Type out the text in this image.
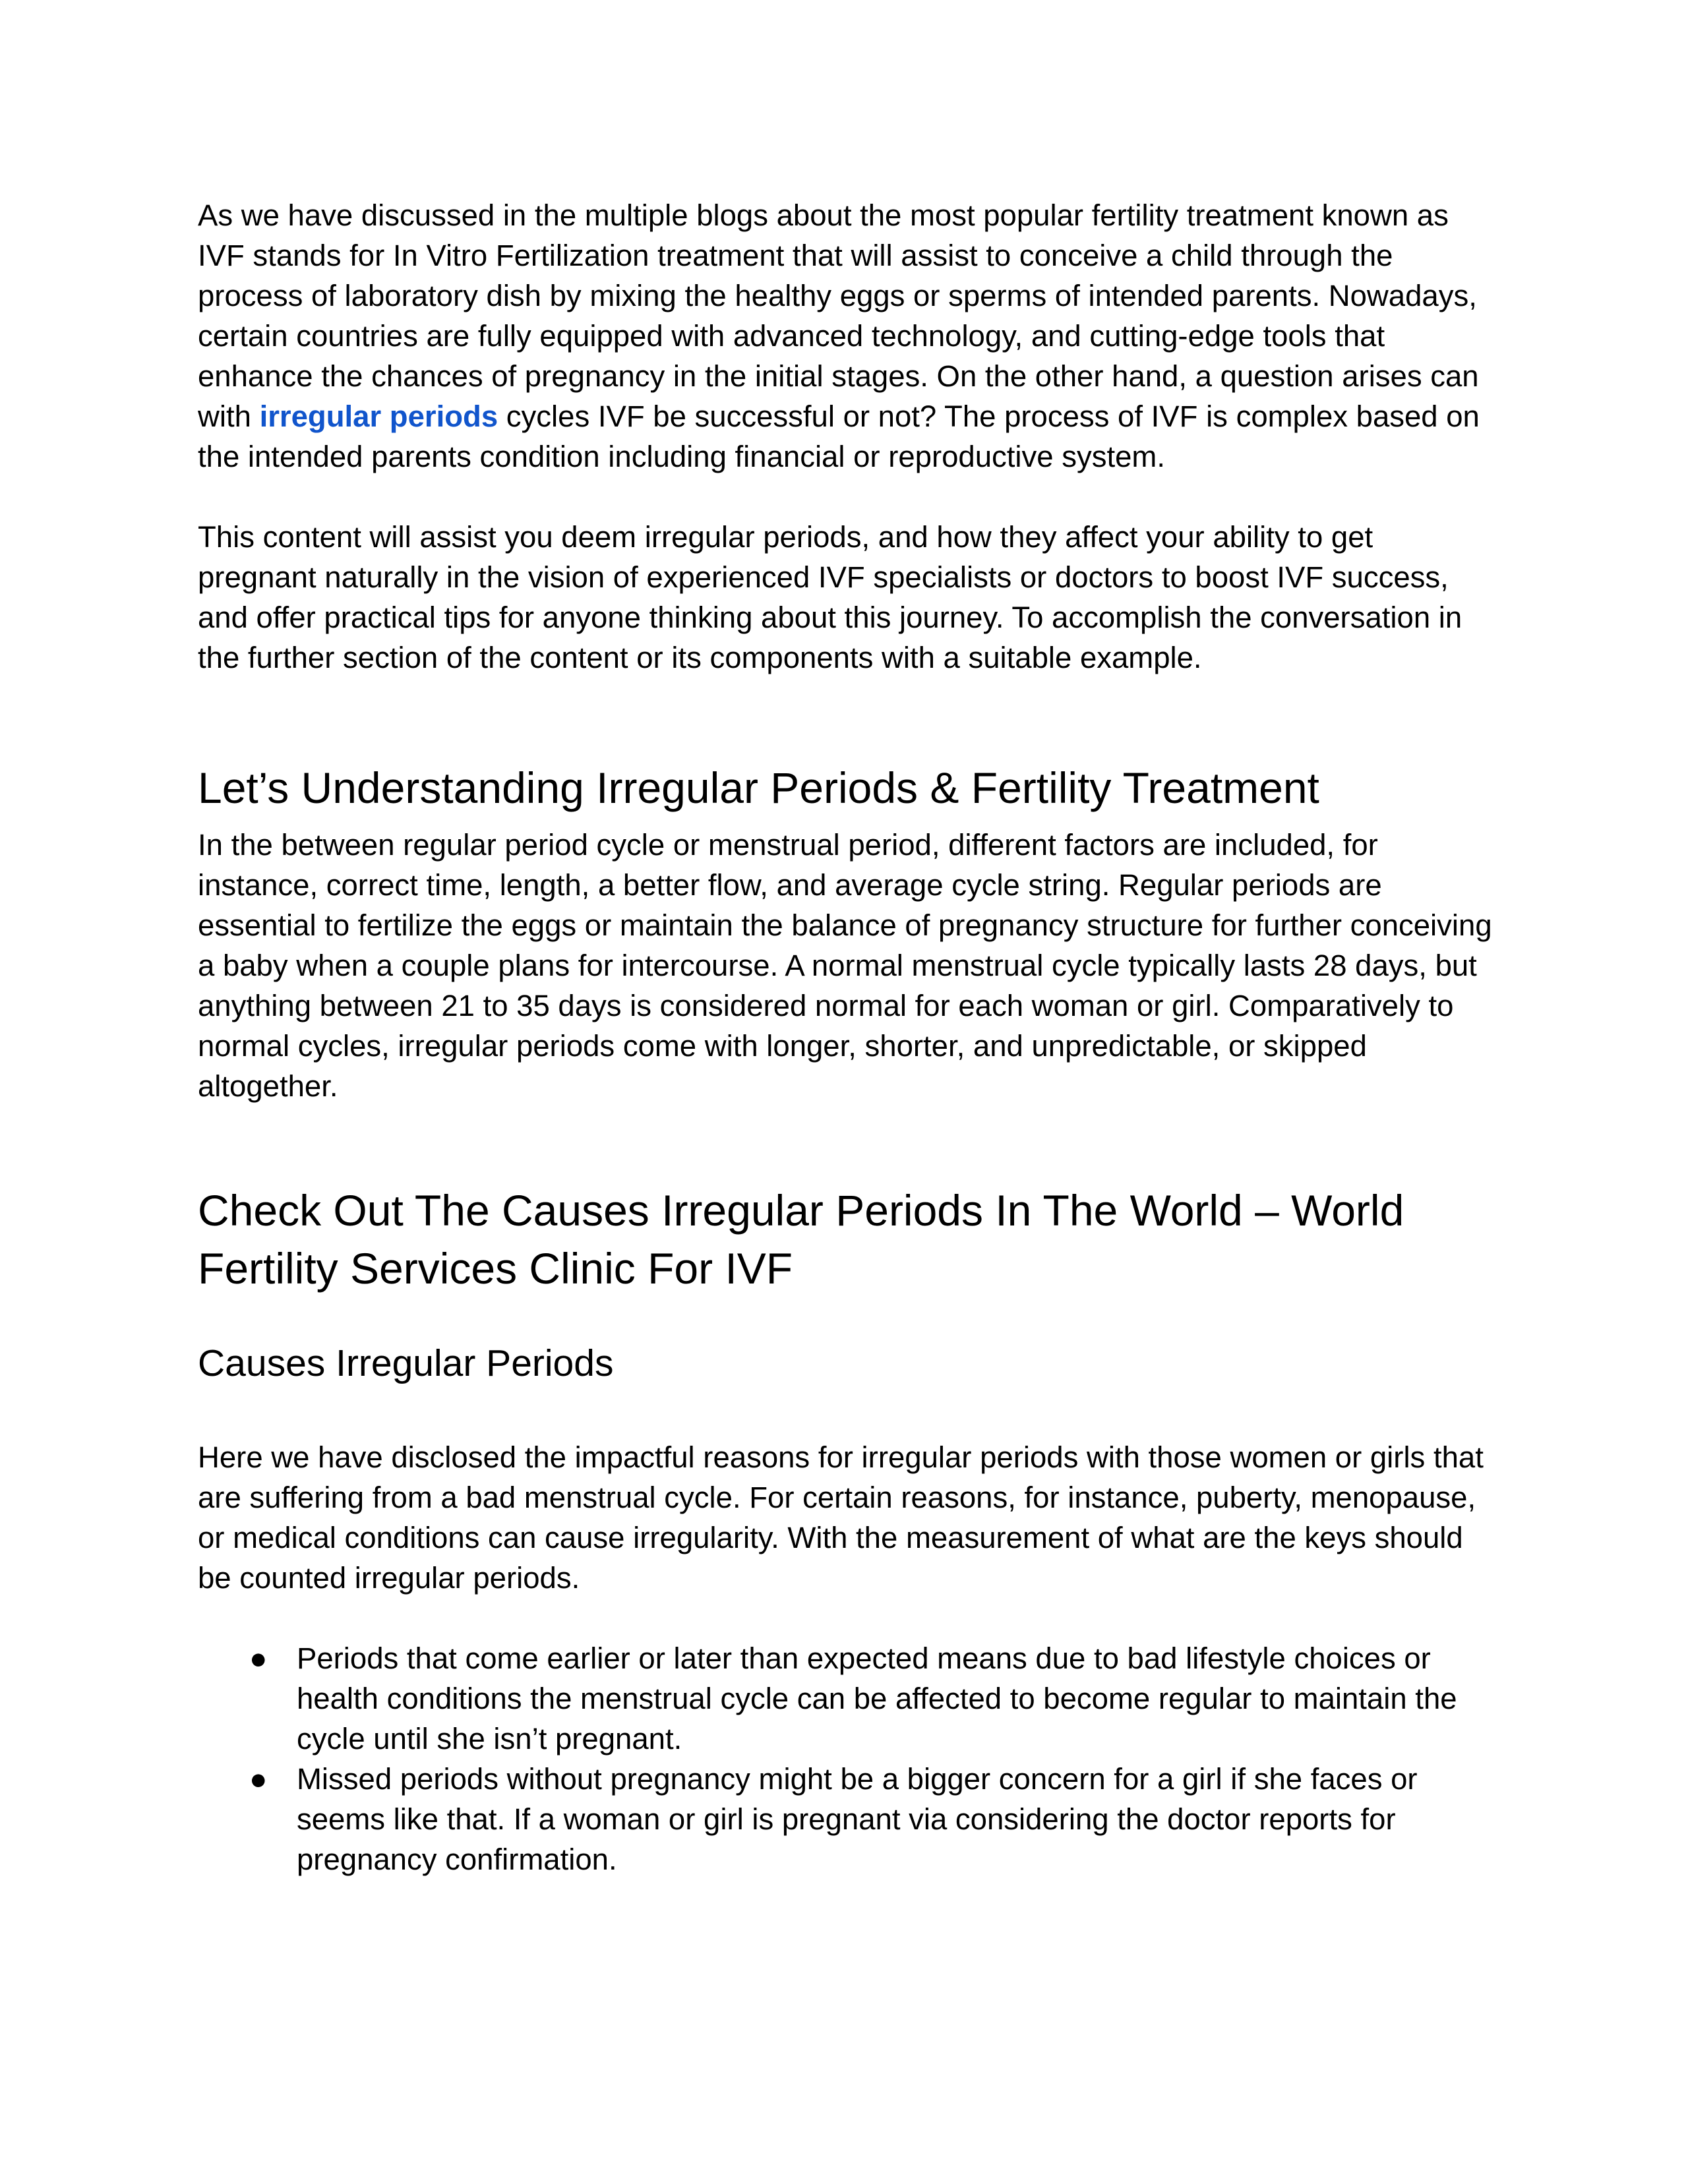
As we have discussed in the multiple blogs about the most popular fertility treatment known as IVF stands for In Vitro Fertilization treatment that will assist to conceive a child through the process of laboratory dish by mixing the healthy eggs or sperms of intended parents. Nowadays, certain countries are fully equipped with advanced technology, and cutting-edge tools that enhance the chances of pregnancy in the initial stages. On the other hand, a question arises can with irregular periods cycles IVF be successful or not? The process of IVF is complex based on the intended parents condition including financial or reproductive system.

This content will assist you deem irregular periods, and how they affect your ability to get pregnant naturally in the vision of experienced IVF specialists or doctors to boost IVF success, and offer practical tips for anyone thinking about this journey. To accomplish the conversation in the further section of the content or its components with a suitable example.

Let’s Understanding Irregular Periods & Fertility Treatment

In the between regular period cycle or menstrual period, different factors are included, for instance, correct time, length, a better flow, and average cycle string. Regular periods are essential to fertilize the eggs or maintain the balance of pregnancy structure for further conceiving a baby when a couple plans for intercourse. A normal menstrual cycle typically lasts 28 days, but anything between 21 to 35 days is considered normal for each woman or girl. Comparatively to normal cycles, irregular periods come with longer, shorter, and unpredictable, or skipped altogether.

Check Out The Causes Irregular Periods In The World – World Fertility Services Clinic For IVF
Causes Irregular Periods

Here we have disclosed the impactful reasons for irregular periods with those women or girls that are suffering from a bad menstrual cycle. For certain reasons, for instance, puberty, menopause, or medical conditions can cause irregularity. With the measurement of what are the keys should be counted irregular periods.

● Periods that come earlier or later than expected means due to bad lifestyle choices or health conditions the menstrual cycle can be affected to become regular to maintain the cycle until she isn’t pregnant.
● Missed periods without pregnancy might be a bigger concern for a girl if she faces or seems like that. If a woman or girl is pregnant via considering the doctor reports for pregnancy confirmation.
